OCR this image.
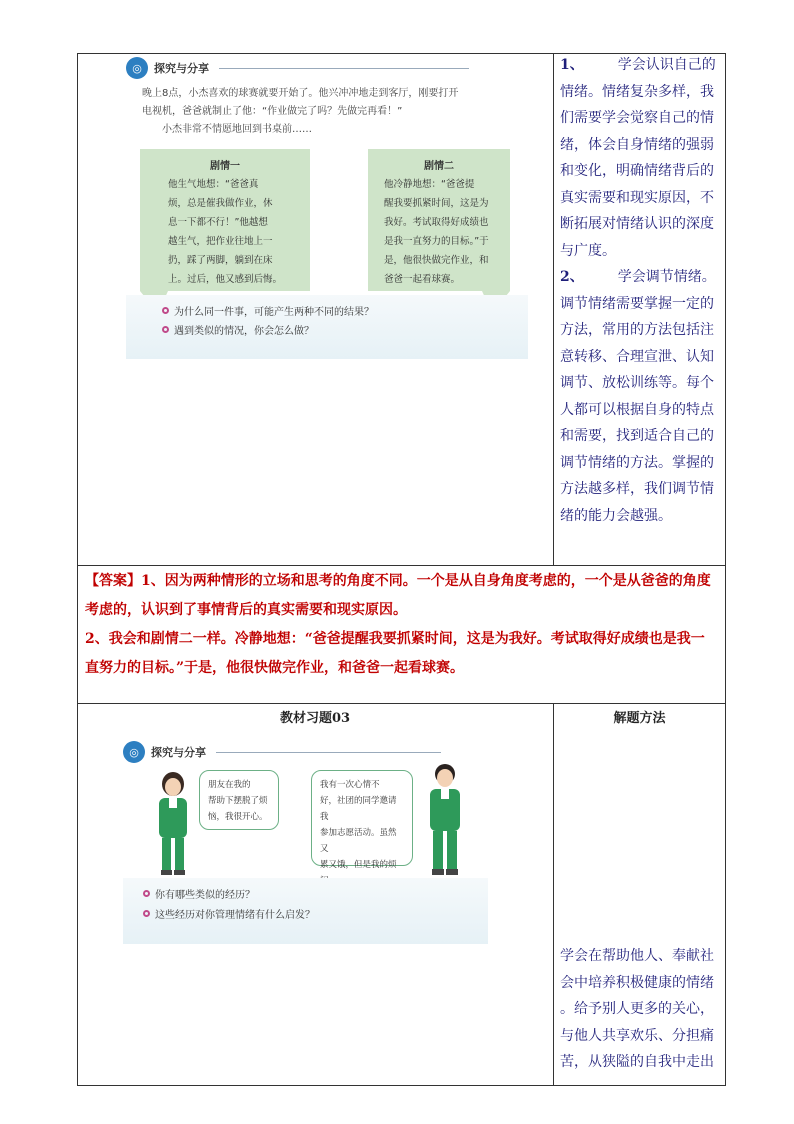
◎	探究与分享
晚上8点，小杰喜欢的球赛就要开始了。他兴冲冲地走到客厅，刚要打开
电视机，爸爸就制止了他：“作业做完了吗？先做完再看！”
小杰非常不情愿地回到书桌前……
剧情一
他生气地想：“爸爸真
烦，总是催我做作业，休
息一下都不行！”他越想
越生气，把作业往地上一
扔，踩了两脚，躺到在床
上。过后，他又感到后悔。
剧情二
他冷静地想：“爸爸提
醒我要抓紧时间，这是为
我好。考试取得好成绩也
是我一直努力的目标。”于
是，他很快做完作业，和
爸爸一起看球赛。
为什么同一件事，可能产生两种不同的结果？
遇到类似的情况，你会怎么做？
1、 学会认识自己的
情绪。情绪复杂多样，我
们需要学会觉察自己的情
绪，体会自身情绪的强弱
和变化，明确情绪背后的
真实需要和现实原因，不
断拓展对情绪认识的深度
与广度。
2、 学会调节情绪。
调节情绪需要掌握一定的
方法，常用的方法包括注
意转移、合理宣泄、认知
调节、放松训练等。每个
人都可以根据自身的特点
和需要，找到适合自己的
调节情绪的方法。掌握的
方法越多样，我们调节情
绪的能力会越强。
【答案】1、因为两种情形的立场和思考的角度不同。一个是从自身角度考虑的，一个是从爸爸的角度
考虑的，认识到了事情背后的真实需要和现实原因。
2、我会和剧情二一样。冷静地想：“爸爸提醒我要抓紧时间，这是为我好。考试取得好成绩也是我一
直努力的目标。”于是，他很快做完作业，和爸爸一起看球赛。
教材习题03	解题方法
◎	探究与分享
朋友在我的
帮助下摆脱了烦
恼，我很开心。
我有一次心情不
好，社团的同学邀请我
参加志愿活动。虽然又
累又饿，但是我的烦
你有哪些类似的经历？
这些经历对你管理情绪有什么启发？
学会在帮助他人、奉献社
会中培养积极健康的情绪
。给予别人更多的关心，
与他人共享欢乐、分担痛
苦，从狭隘的自我中走出
